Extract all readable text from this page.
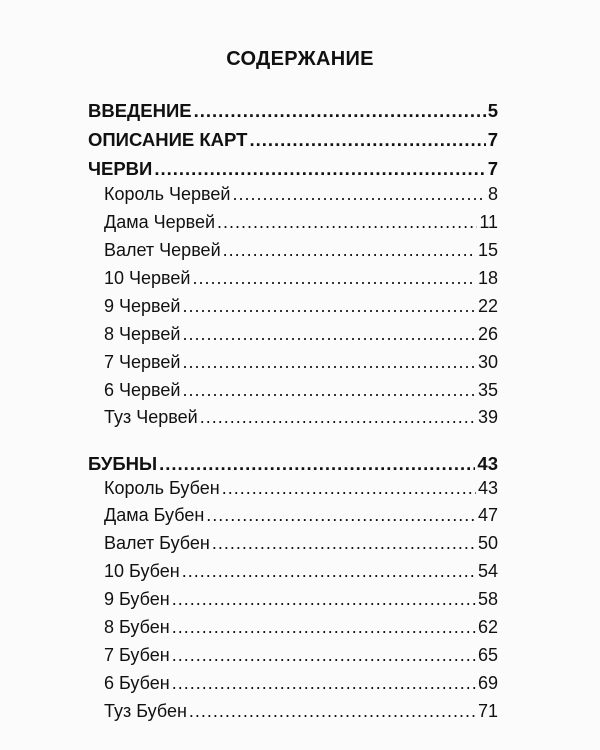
СОДЕРЖАНИЕ
ВВЕДЕНИЕ .....	5
ОПИСАНИЕ КАРТ .....	7
ЧЕРВИ .....	7
Король Червей .....	8
Дама Червей .....	11
Валет Червей .....	15
10 Червей .....	18
9 Червей .....	22
8 Червей .....	26
7 Червей .....	30
6 Червей .....	35
Туз Червей .....	39
БУБНЫ .....	43
Король Бубен .....	43
Дама Бубен .....	47
Валет Бубен .....	50
10 Бубен .....	54
9 Бубен .....	58
8 Бубен .....	62
7 Бубен .....	65
6 Бубен .....	69
Туз Бубен .....	71
